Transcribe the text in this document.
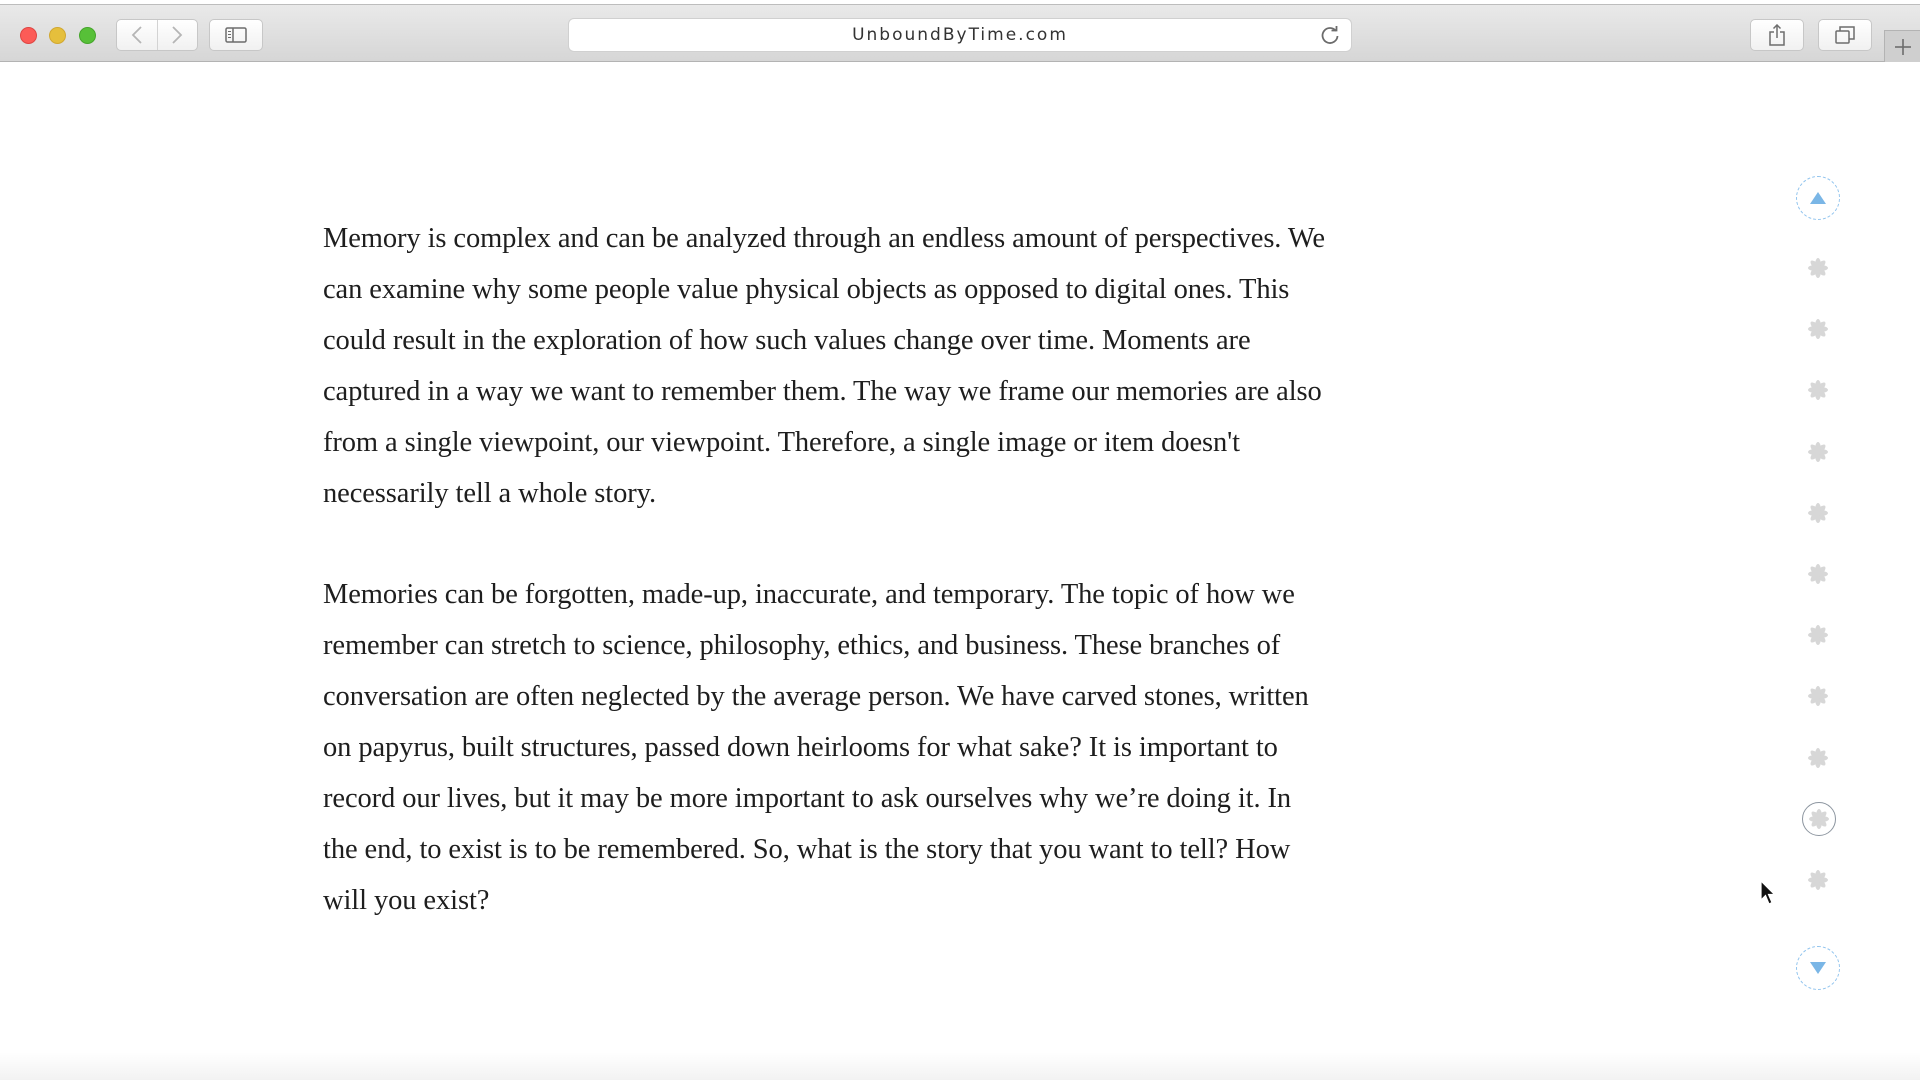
UnboundByTime.com

Memory is complex and can be analyzed through an endless amount of perspectives. We can examine why some people value physical objects as opposed to digital ones. This could result in the exploration of how such values change over time. Moments are captured in a way we want to remember them. The way we frame our memories are also from a single viewpoint, our viewpoint. Therefore, a single image or item doesn't necessarily tell a whole story.

Memories can be forgotten, made-up, inaccurate, and temporary. The topic of how we remember can stretch to science, philosophy, ethics, and business. These branches of conversation are often neglected by the average person. We have carved stones, written on papyrus, built structures, passed down heirlooms for what sake? It is important to record our lives, but it may be more important to ask ourselves why we’re doing it. In the end, to exist is to be remembered. So, what is the story that you want to tell? How will you exist?
